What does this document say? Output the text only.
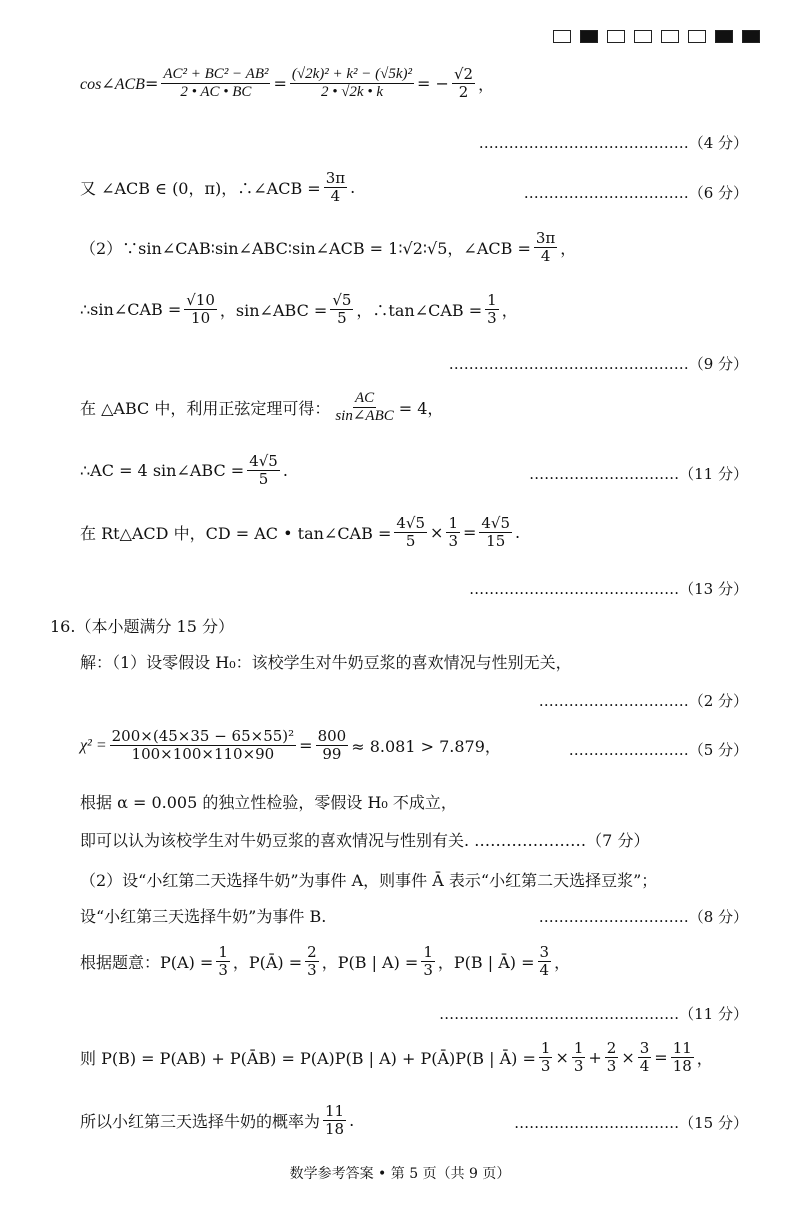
cos∠ACB = $\frac{\text{AC² + BC² − AB²}}{2 • AC • BC} = \frac{\text{(√2k)² + k² − (√5k)²}}{2 • √2k • k}$ = − $\frac{√2}{2}$ ，
……………………………………（4 分）
又 ∠ACB ∈ (0，π)，∴∠ACB = $\frac{3\pi}{4}$ .	……………………………（6 分）
（2）∵sin∠CAB∶sin∠ABC∶sin∠ACB = 1∶√2∶√5，∠ACB = $\frac{3\pi}{4}$ ，
∴sin∠CAB = $\frac{√10}{10}$ ，sin∠ABC = $\frac{√5}{5}$ ，∴tan∠CAB = $\frac{1}{3}$ ，
…………………………………………（9 分）
在 △ABC 中，利用正弦定理可得： $\frac{AC}{\text{sin∠ABC}} = 4$，
∴AC = 4 sin∠ABC = $\frac{4√5}{5}$ .	…………………………（11 分）
在 Rt△ACD 中，CD = AC • tan∠CAB = $\frac{4√5}{5} \times \frac{1}{3} = \frac{4√5}{15}$ .
……………………………………（13 分）
16.（本小题满分 15 分）
解：（1）设零假设 H₀：该校学生对牛奶豆浆的喜欢情况与性别无关，
…………………………（2 分）
$\chi^2 = \frac{\text{200×(45×35 − 65×55)²}}{100\times 100\times 110\times 90} = \frac{800}{99} \approx 8.081 > 7.879$，	……………………（5 分）
根据 α = 0.005 的独立性检验，零假设 H₀ 不成立，
即可以认为该校学生对牛奶豆浆的喜欢情况与性别有关. …………………（7 分）
（2）设“小红第二天选择牛奶”为事件 A，则事件 Ā 表示“小红第二天选择豆浆”；
设“小红第三天选择牛奶”为事件 B.	…………………………（8 分）
根据题意：$P(A) = \frac{1}{3}$ ，P(Ā) = $\frac{2}{3}$ ，P(B | $A) = \frac{1}{3}$ ，P(B | Ā) = $\frac{3}{4}$ ，
…………………………………………（11 分）
则 P(B) = P(AB) + P(ĀB) = P(A)P(B | A) + P(Ā)P(B | Ā) = $\frac{1}{3} \times \frac{1}{3} + \frac{2}{3} \times \frac{3}{4} = \frac{11}{18}$ ，
所以小红第三天选择牛奶的概率为 $\frac{11}{18}$ .	……………………………（15 分）
数学参考答案 • 第 5 页（共 9 页）
